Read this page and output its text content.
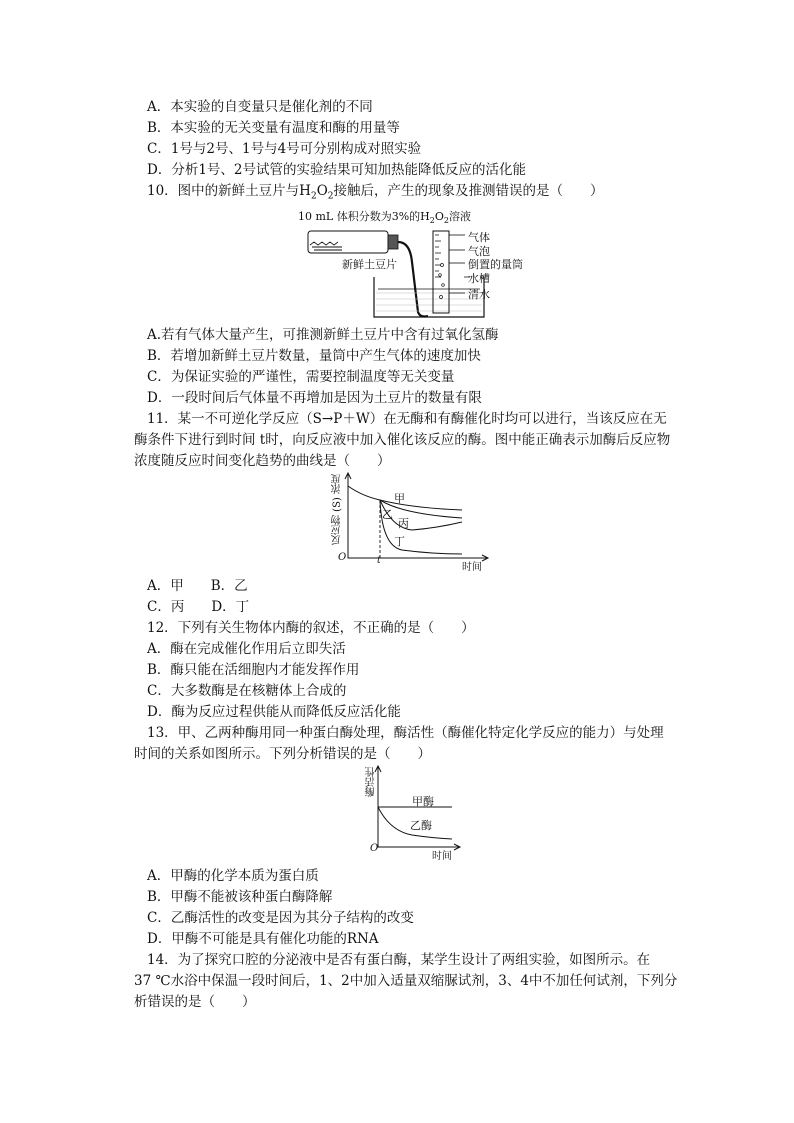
A．本实验的自变量只是催化剂的不同
B．本实验的无关变量有温度和酶的用量等
C．1号与2号、1号与4号可分别构成对照实验
D．分析1号、2号试管的实验结果可知加热能降低反应的活化能
10．图中的新鲜土豆片与$H_2O_2$接触后，产生的现象及推测错误的是（　　）
10 mL 体积分数为3%的$H_2O_2$溶液
气体
气泡
倒置的量筒
水槽
清水
新鲜土豆片
A.若有气体大量产生，可推测新鲜土豆片中含有过氧化氢酶
B．若增加新鲜土豆片数量，量筒中产生气体的速度加快
C．为保证实验的严谨性，需要控制温度等无关变量
D．一段时间后气体量不再增加是因为土豆片的数量有限
11．某一不可逆化学反应（S→P＋W）在无酶和有酶催化时均可以进行，当该反应在无
酶条件下进行到时间 t时，向反应液中加入催化该反应的酶。图中能正确表示加酶后反应物
浓度随反应时间变化趋势的曲线是（　　）
反应物 (S) 浓度
时间
O	t
甲
乙
丙
丁
A．甲　　B．乙
C．丙　　D．丁
12．下列有关生物体内酶的叙述，不正确的是（　　）
A．酶在完成催化作用后立即失活
B．酶只能在活细胞内才能发挥作用
C．大多数酶是在核糖体上合成的
D．酶为反应过程供能从而降低反应活化能
13．甲、乙两种酶用同一种蛋白酶处理，酶活性（酶催化特定化学反应的能力）与处理
时间的关系如图所示。下列分析错误的是（　　）
酶活性
时间
O
甲酶
乙酶
A．甲酶的化学本质为蛋白质
B．甲酶不能被该种蛋白酶降解
C．乙酶活性的改变是因为其分子结构的改变
D．甲酶不可能是具有催化功能的RNA
14．为了探究口腔的分泌液中是否有蛋白酶，某学生设计了两组实验，如图所示。在
37 ℃水浴中保温一段时间后，1、2中加入适量双缩脲试剂，3、4中不加任何试剂，下列分
析错误的是（　　）
